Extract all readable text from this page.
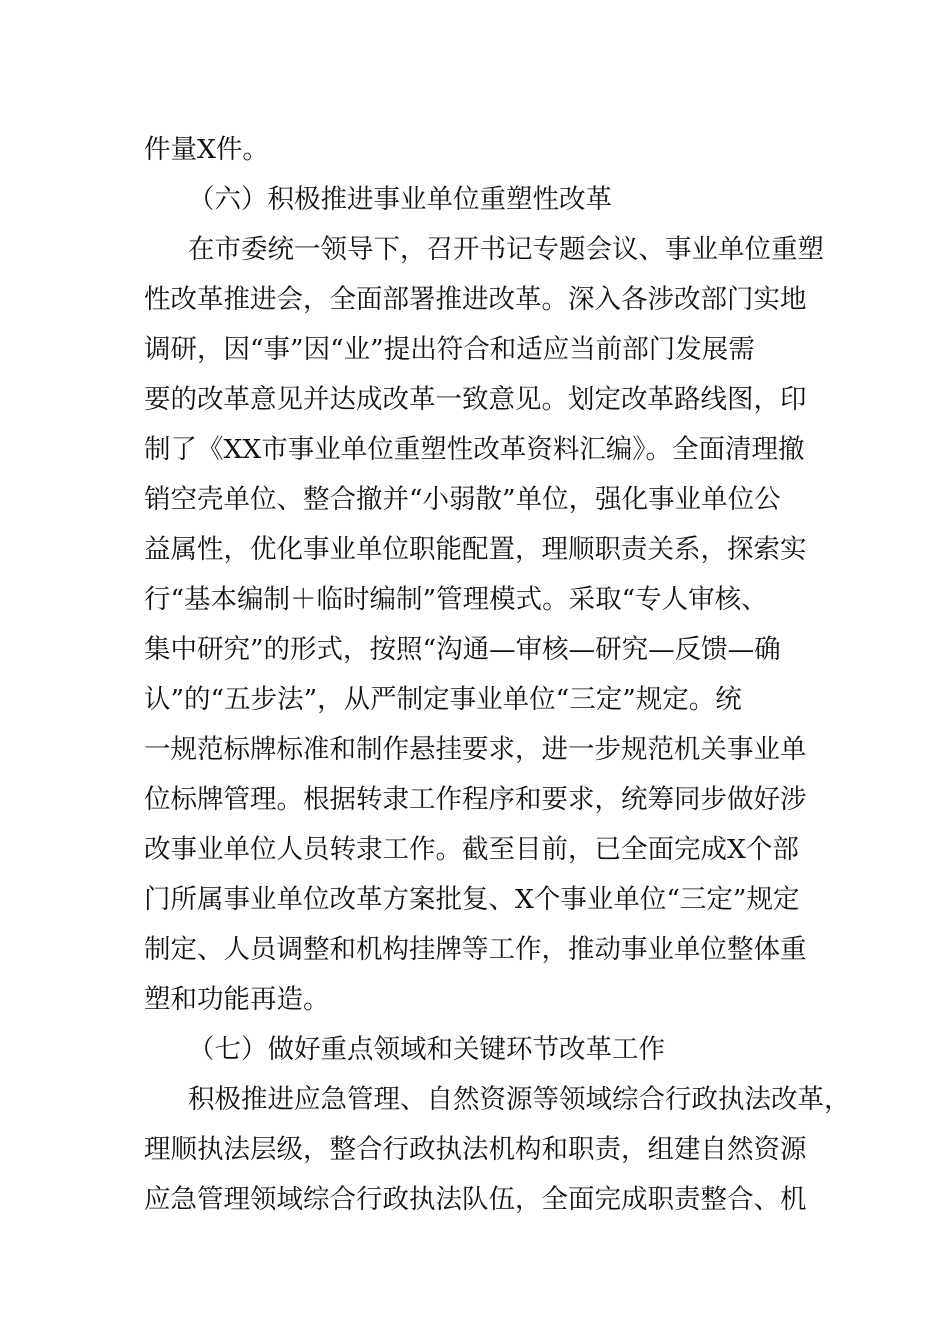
件量X件。
（六）积极推进事业单位重塑性改革
在市委统一领导下，召开书记专题会议、事业单位重塑
性改革推进会，全面部署推进改革。深入各涉改部门实地
调研，因“事”因“业”提出符合和适应当前部门发展需
要的改革意见并达成改革一致意见。划定改革路线图，印
制了《XX市事业单位重塑性改革资料汇编》。全面清理撤
销空壳单位、整合撤并“小弱散”单位，强化事业单位公
益属性，优化事业单位职能配置，理顺职责关系，探索实
行“基本编制＋临时编制”管理模式。采取“专人审核、
集中研究”的形式，按照“沟通—审核—研究—反馈—确
认”的“五步法”，从严制定事业单位“三定”规定。统
一规范标牌标准和制作悬挂要求，进一步规范机关事业单
位标牌管理。根据转隶工作程序和要求，统筹同步做好涉
改事业单位人员转隶工作。截至目前，已全面完成X个部
门所属事业单位改革方案批复、X个事业单位“三定”规定
制定、人员调整和机构挂牌等工作，推动事业单位整体重
塑和功能再造。
（七）做好重点领域和关键环节改革工作
积极推进应急管理、自然资源等领域综合行政执法改革，
理顺执法层级，整合行政执法机构和职责，组建自然资源
应急管理领域综合行政执法队伍，全面完成职责整合、机
